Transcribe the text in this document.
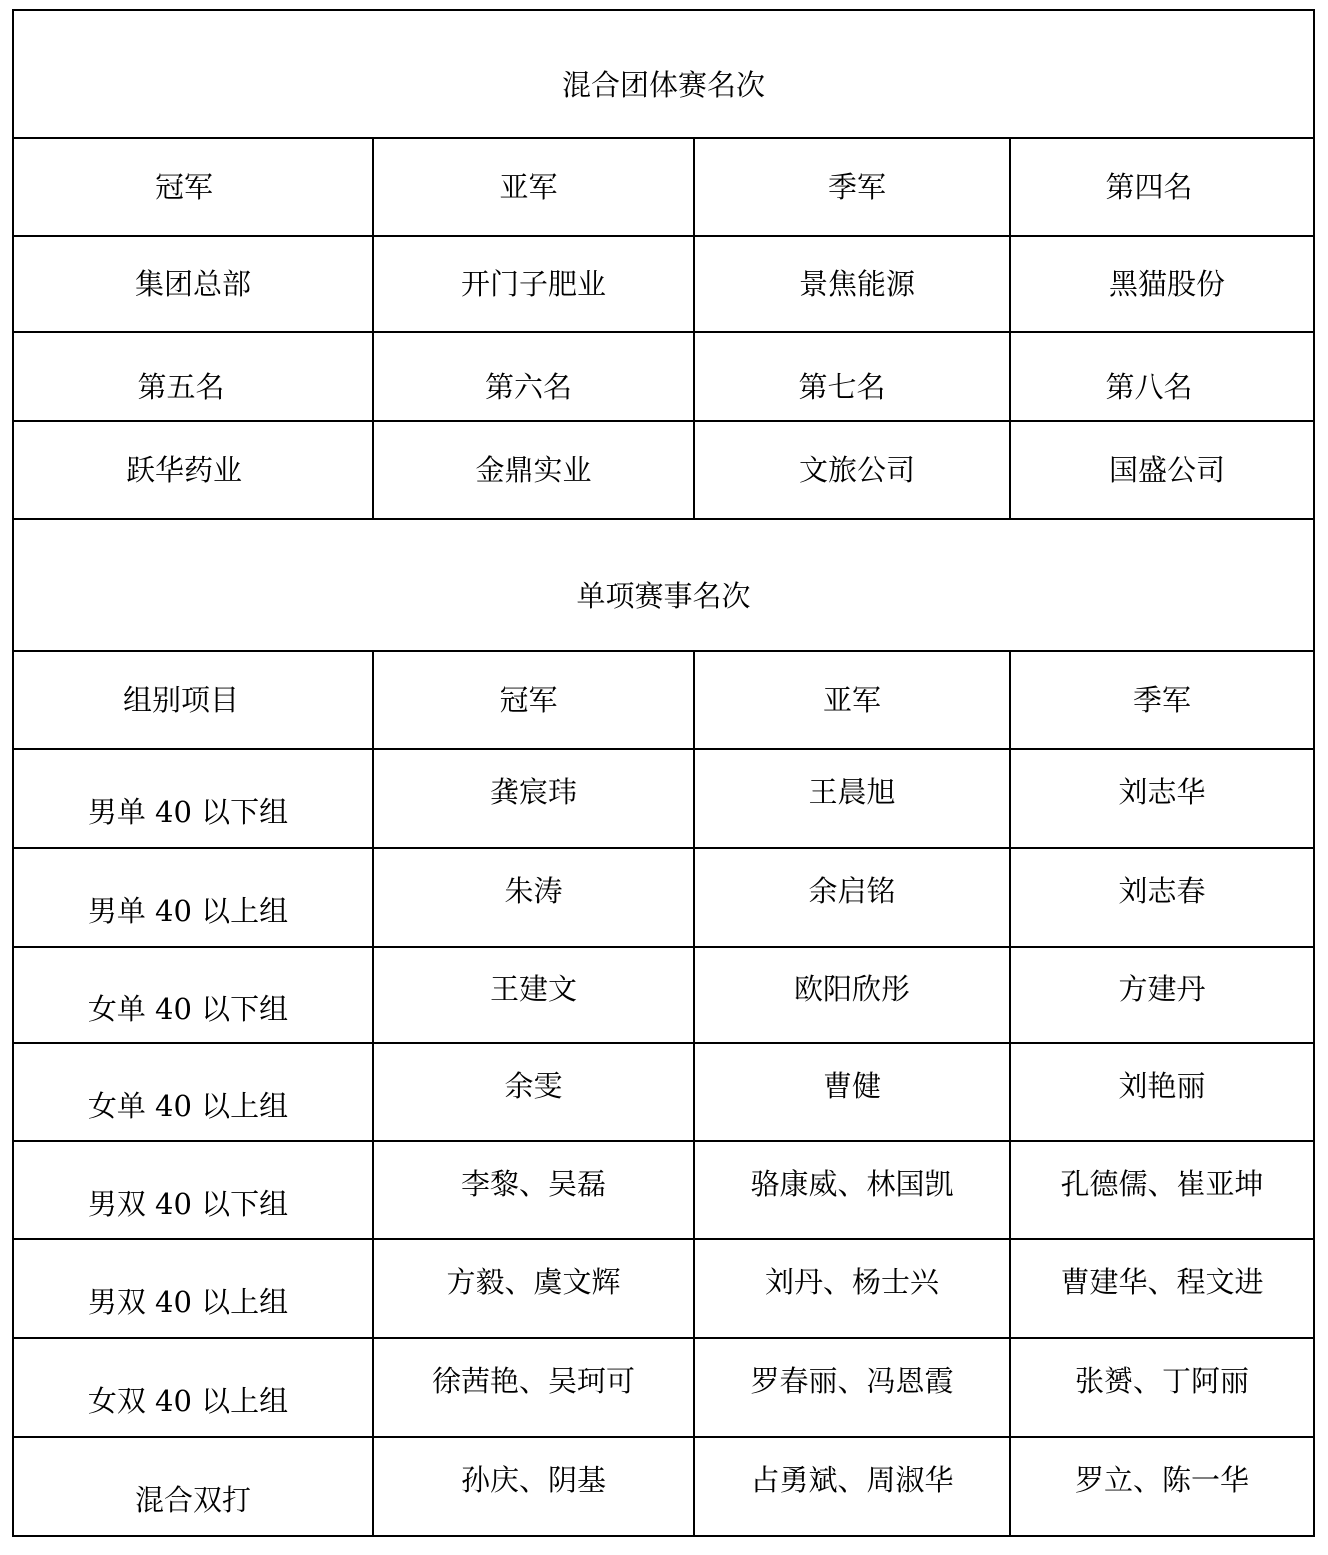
混合团体赛名次			
冠军	亚军	季军	第四名
集团总部	开门子肥业	景焦能源	黑猫股份
第五名	第六名	第七名	第八名
跃华药业	金鼎实业	文旅公司	国盛公司
单项赛事名次			
组别项目	冠军	亚军	季军
男单 40 以下组	龚宸玮	王晨旭	刘志华
男单 40 以上组	朱涛	余启铭	刘志春
女单 40 以下组	王建文	欧阳欣彤	方建丹
女单 40 以上组	余雯	曹健	刘艳丽
男双 40 以下组	李黎、吴磊	骆康威、林国凯	孔德儒、崔亚坤
男双 40 以上组	方毅、虞文辉	刘丹、杨士兴	曹建华、程文进
女双 40 以上组	徐茜艳、吴珂可	罗春丽、冯恩霞	张赟、丁阿丽
混合双打	孙庆、阴基	占勇斌、周淑华	罗立、陈一华
